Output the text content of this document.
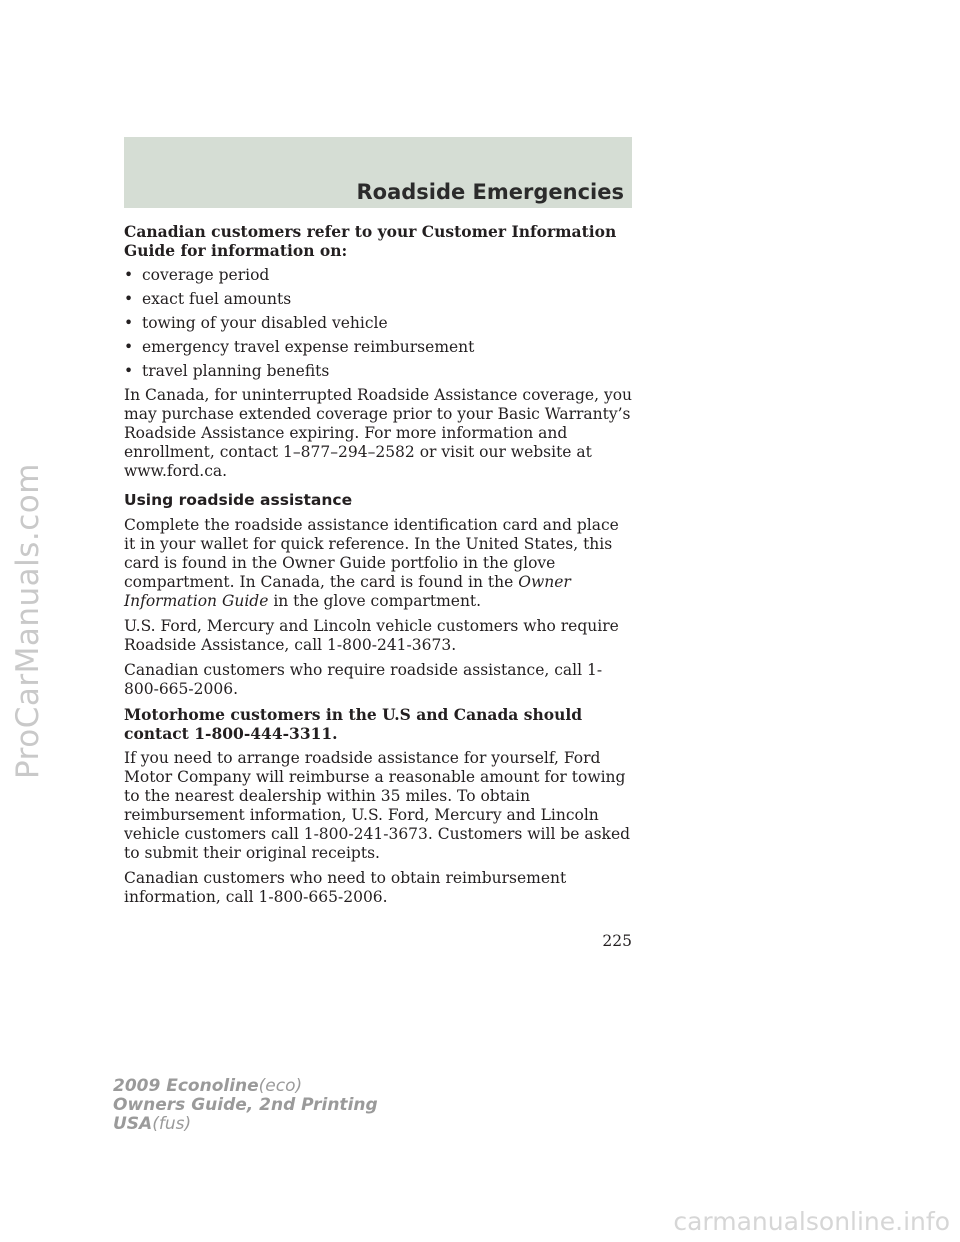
ProCarManuals.com
Roadside Emergencies

Canadian customers refer to your Customer Information Guide for information on:

• coverage period
• exact fuel amounts
• towing of your disabled vehicle
• emergency travel expense reimbursement
• travel planning benefits

In Canada, for uninterrupted Roadside Assistance coverage, you may purchase extended coverage prior to your Basic Warranty’s Roadside Assistance expiring. For more information and enrollment, contact 1–877–294–2582 or visit our website at www.ford.ca.

Using roadside assistance

Complete the roadside assistance identification card and place it in your wallet for quick reference. In the United States, this card is found in the Owner Guide portfolio in the glove compartment. In Canada, the card is found in the Owner Information Guide in the glove compartment.

U.S. Ford, Mercury and Lincoln vehicle customers who require Roadside Assistance, call 1-800-241-3673.

Canadian customers who require roadside assistance, call 1-800-665-2006.

Motorhome customers in the U.S and Canada should contact 1-800-444-3311.

If you need to arrange roadside assistance for yourself, Ford Motor Company will reimburse a reasonable amount for towing to the nearest dealership within 35 miles. To obtain reimbursement information, U.S. Ford, Mercury and Lincoln vehicle customers call 1-800-241-3673. Customers will be asked to submit their original receipts.

Canadian customers who need to obtain reimbursement information, call 1-800-665-2006.

225
2009 Econoline(eco)
Owners Guide, 2nd Printing
USA(fus)
carmanualsonline.info
